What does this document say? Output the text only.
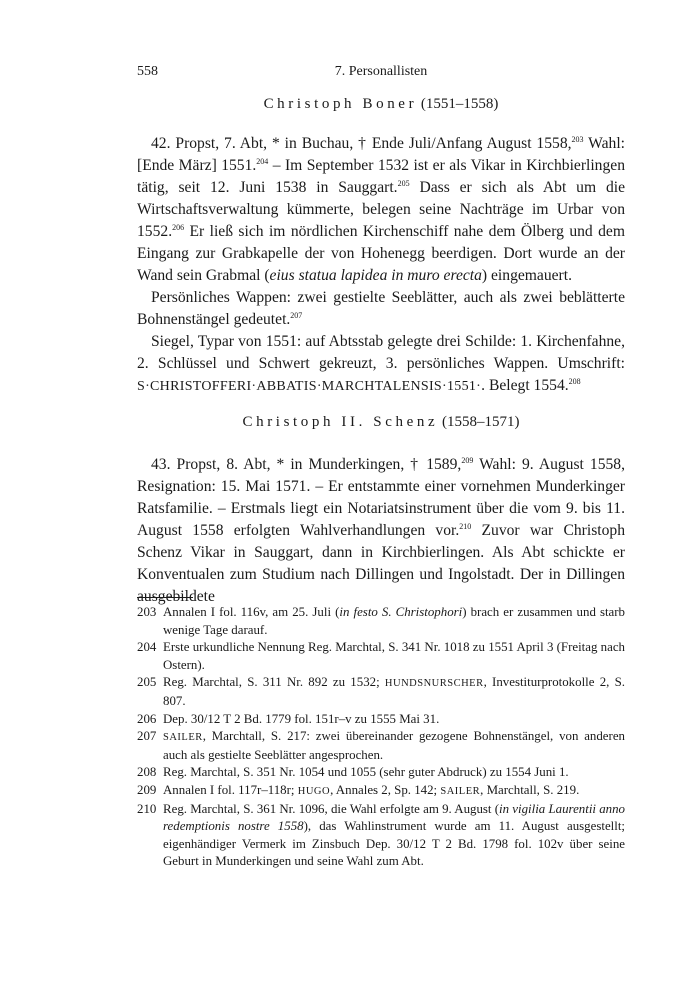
558	7. Personallisten
Christoph Boner (1551–1558)

42. Propst, 7. Abt, * in Buchau, † Ende Juli/Anfang August 1558,$^{203}$ Wahl: [Ende März] 1551.$^{204}$ – Im September 1532 ist er als Vikar in Kirchbierlingen tätig, seit 12. Juni 1538 in Sauggart.$^{205}$ Dass er sich als Abt um die Wirtschaftsverwaltung kümmerte, belegen seine Nachträge im Urbar von 1552.$^{206}$ Er ließ sich im nördlichen Kirchenschiff nahe dem Ölberg und dem Eingang zur Grabkapelle der von Hohenegg beerdigen. Dort wurde an der Wand sein Grabmal (eius statua lapidea in muro erecta) eingemauert.

Persönliches Wappen: zwei gestielte Seeblätter, auch als zwei beblätterte Bohnenstängel gedeutet.$^{207}$

Siegel, Typar von 1551: auf Abtsstab gelegte drei Schilde: 1. Kirchenfahne, 2. Schlüssel und Schwert gekreuzt, 3. persönliches Wappen. Umschrift: S·CHRISTOFFERI·ABBATIS·MARCHTALENSIS·1551·. Belegt 1554.$^{208}$

Christoph II. Schenz (1558–1571)

43. Propst, 8. Abt, * in Munderkingen, † 1589,$^{209}$ Wahl: 9. August 1558, Resignation: 15. Mai 1571. – Er entstammte einer vornehmen Munderkinger Ratsfamilie. – Erstmals liegt ein Notariatsinstrument über die vom 9. bis 11. August 1558 erfolgten Wahlverhandlungen vor.$^{210}$ Zuvor war Christoph Schenz Vikar in Sauggart, dann in Kirchbierlingen. Als Abt schickte er Konventualen zum Studium nach Dillingen und Ingolstadt. Der in Dillingen ausgebildete

203 Annalen I fol. 116v, am 25. Juli (in festo S. Christophori) brach er zusammen und starb wenige Tage darauf.
204 Erste urkundliche Nennung Reg. Marchtal, S. 341 Nr. 1018 zu 1551 April 3 (Freitag nach Ostern).
205 Reg. Marchtal, S. 311 Nr. 892 zu 1532; HUNDSNURSCHER, Investiturprotokolle 2, S. 807.
206 Dep. 30/12 T 2 Bd. 1779 fol. 151r–v zu 1555 Mai 31.
207 SAILER, Marchtall, S. 217: zwei übereinander gezogene Bohnenstängel, von anderen auch als gestielte Seeblätter angesprochen.
208 Reg. Marchtal, S. 351 Nr. 1054 und 1055 (sehr guter Abdruck) zu 1554 Juni 1.
209 Annalen I fol. 117r–118r; HUGO, Annales 2, Sp. 142; SAILER, Marchtall, S. 219.
210 Reg. Marchtal, S. 361 Nr. 1096, die Wahl erfolgte am 9. August (in vigilia Laurentii anno redemptionis nostre 1558), das Wahlinstrument wurde am 11. August ausgestellt; eigenhändiger Vermerk im Zinsbuch Dep. 30/12 T 2 Bd. 1798 fol. 102v über seine Geburt in Munderkingen und seine Wahl zum Abt.
